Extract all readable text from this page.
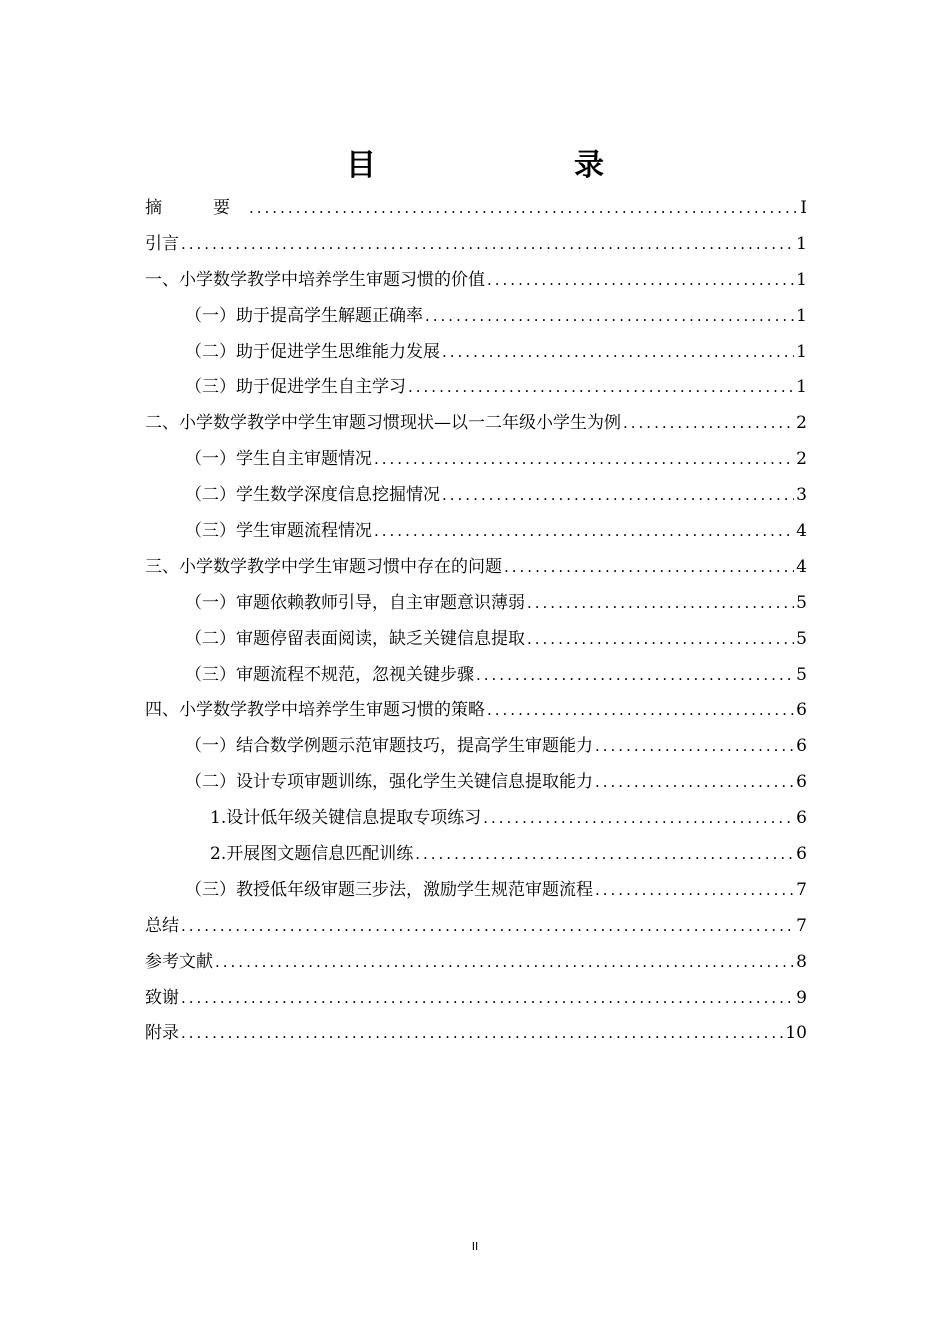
目　　录
摘　要 .....	I
引言 .....	1
一、小学数学教学中培养学生审题习惯的价值 .....	1
（一）助于提高学生解题正确率 .....	1
（二）助于促进学生思维能力发展 .....	1
（三）助于促进学生自主学习 .....	1
二、小学数学教学中学生审题习惯现状—以一二年级小学生为例 .....	2
（一）学生自主审题情况 .....	2
（二）学生数学深度信息挖掘情况 .....	3
（三）学生审题流程情况 .....	4
三、小学数学教学中学生审题习惯中存在的问题 .....	4
（一）审题依赖教师引导，自主审题意识薄弱 .....	5
（二）审题停留表面阅读，缺乏关键信息提取 .....	5
（三）审题流程不规范，忽视关键步骤 .....	5
四、小学数学教学中培养学生审题习惯的策略 .....	6
（一）结合数学例题示范审题技巧，提高学生审题能力 .....	6
（二）设计专项审题训练，强化学生关键信息提取能力 .....	6
1.设计低年级关键信息提取专项练习 .....	6
2.开展图文题信息匹配训练 .....	6
（三）教授低年级审题三步法，激励学生规范审题流程 .....	7
总结 .....	7
参考文献 .....	8
致谢 .....	9
附录 .....	10
II
